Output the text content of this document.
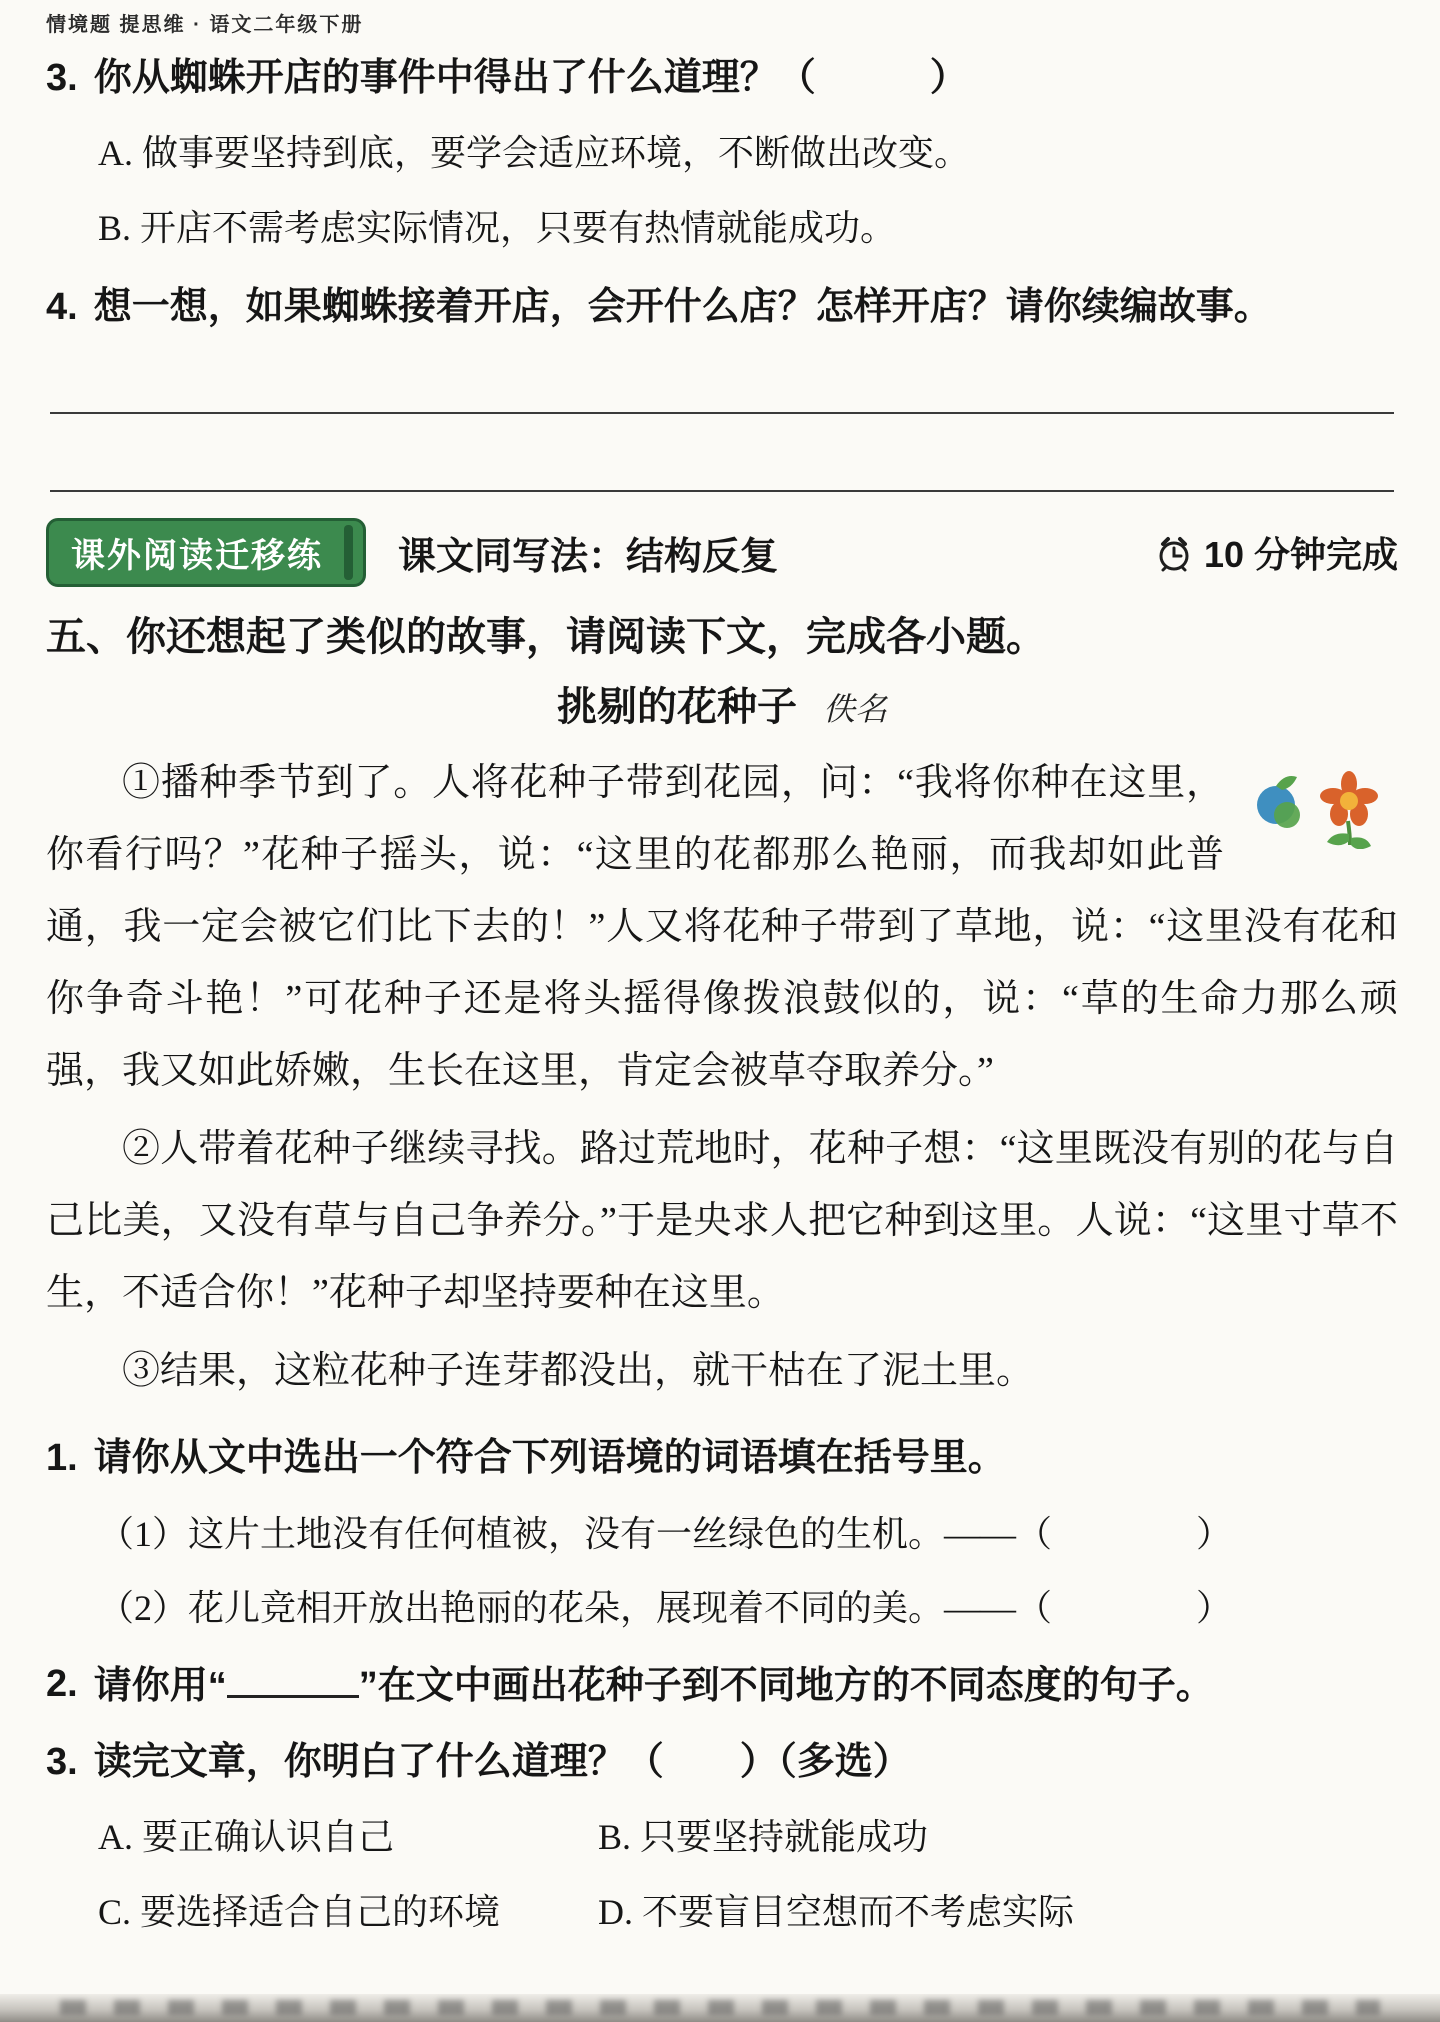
情境题 提思维 · 语文二年级下册
3. 你从蜘蛛开店的事件中得出了什么道理？（　　　）
A. 做事要坚持到底，要学会适应环境，不断做出改变。
B. 开店不需考虑实际情况，只要有热情就能成功。
4. 想一想，如果蜘蛛接着开店，会开什么店？怎样开店？请你续编故事。
课外阅读迁移练	课文同写法：结构反复	10 分钟完成
五、你还想起了类似的故事，请阅读下文，完成各小题。
挑剔的花种子 佚名

①播种季节到了。人将花种子带到花园，问：“我将你种在这里，你看行吗？”花种子摇头，说：“这里的花都那么艳丽，而我却如此普通，我一定会被它们比下去的！”人又将花种子带到了草地，说：“这里没有花和你争奇斗艳！”可花种子还是将头摇得像拨浪鼓似的，说：“草的生命力那么顽强，我又如此娇嫩，生长在这里，肯定会被草夺取养分。”

②人带着花种子继续寻找。路过荒地时，花种子想：“这里既没有别的花与自己比美，又没有草与自己争养分。”于是央求人把它种到这里。人说：“这里寸草不生，不适合你！”花种子却坚持要种在这里。

③结果，这粒花种子连芽都没出，就干枯在了泥土里。

1. 请你从文中选出一个符合下列语境的词语填在括号里。
（1）这片土地没有任何植被，没有一丝绿色的生机。——（　　　　）
（2）花儿竞相开放出艳丽的花朵，展现着不同的美。——（　　　　）
2. 请你用“	”在文中画出花种子到不同地方的不同态度的句子。
3. 读完文章，你明白了什么道理？（　　）（多选）
A. 要正确认识自己	B. 只要坚持就能成功
C. 要选择适合自己的环境	D. 不要盲目空想而不考虑实际
